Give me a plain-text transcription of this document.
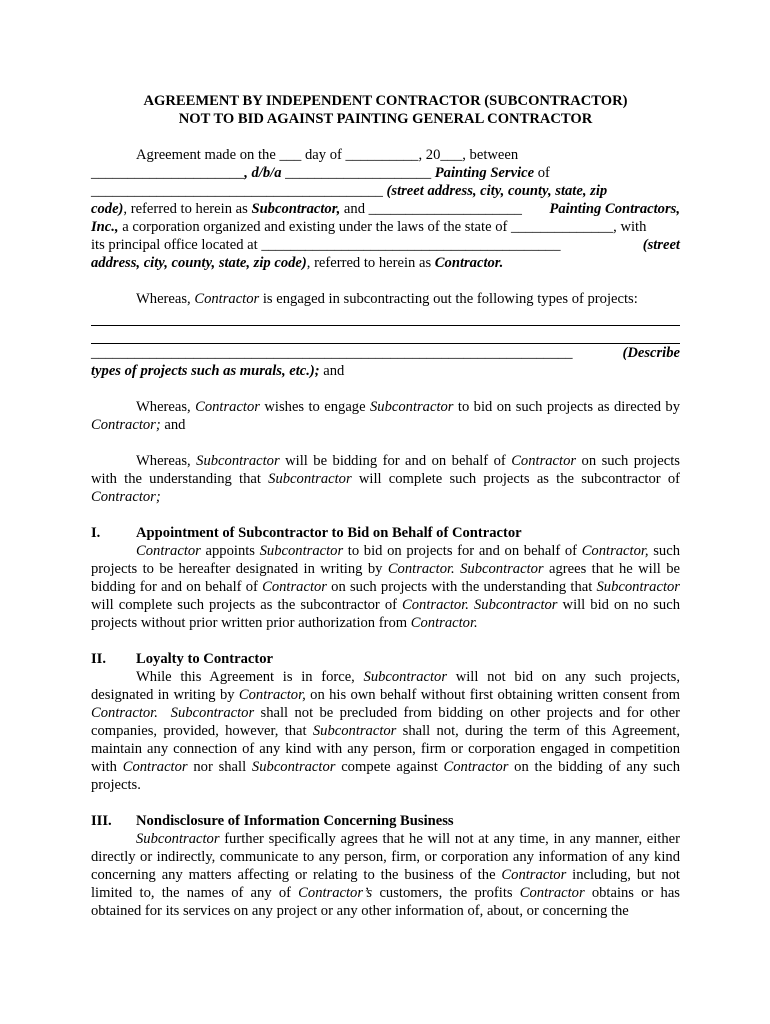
AGREEMENT BY INDEPENDENT CONTRACTOR (SUBCONTRACTOR)

NOT TO BID AGAINST PAINTING GENERAL CONTRACTOR

Agreement made on the ___ day of __________, 20___, between
_____________________, d/b/a ____________________ Painting Service of
________________________________________ (street address, city, county, state, zip
code), referred to herein as Subcontractor, and _____________________ Painting Contractors,
Inc., a corporation organized and existing under the laws of the state of ______________, with
its principal office located at _________________________________________	(street
address, city, county, state, zip code), referred to herein as Contractor.
Whereas, Contractor is engaged in subcontracting out the following types of projects:
__________________________________________________________________	(Describe
types of projects such as murals, etc.); and

Whereas, Contractor wishes to engage Subcontractor to bid on such projects as directed by Contractor; and

Whereas, Subcontractor will be bidding for and on behalf of Contractor on such projects with the understanding that Subcontractor will complete such projects as the subcontractor of Contractor;

I.	Appointment of Subcontractor to Bid on Behalf of Contractor

Contractor appoints Subcontractor to bid on projects for and on behalf of Contractor, such projects to be hereafter designated in writing by Contractor. Subcontractor agrees that he will be bidding for and on behalf of Contractor on such projects with the understanding that Subcontractor will complete such projects as the subcontractor of Contractor. Subcontractor will bid on no such projects without prior written prior authorization from Contractor.

II.	Loyalty to Contractor

While this Agreement is in force, Subcontractor will not bid on any such projects, designated in writing by Contractor, on his own behalf without first obtaining written consent from Contractor. Subcontractor shall not be precluded from bidding on other projects and for other companies, provided, however, that Subcontractor shall not, during the term of this Agreement, maintain any connection of any kind with any person, firm or corporation engaged in competition with Contractor nor shall Subcontractor compete against Contractor on the bidding of any such projects.

III.	Nondisclosure of Information Concerning Business

Subcontractor further specifically agrees that he will not at any time, in any manner, either directly or indirectly, communicate to any person, firm, or corporation any information of any kind concerning any matters affecting or relating to the business of the Contractor including, but not limited to, the names of any of Contractor’s customers, the profits Contractor obtains or has obtained for its services on any project or any other information of, about, or concerning the
